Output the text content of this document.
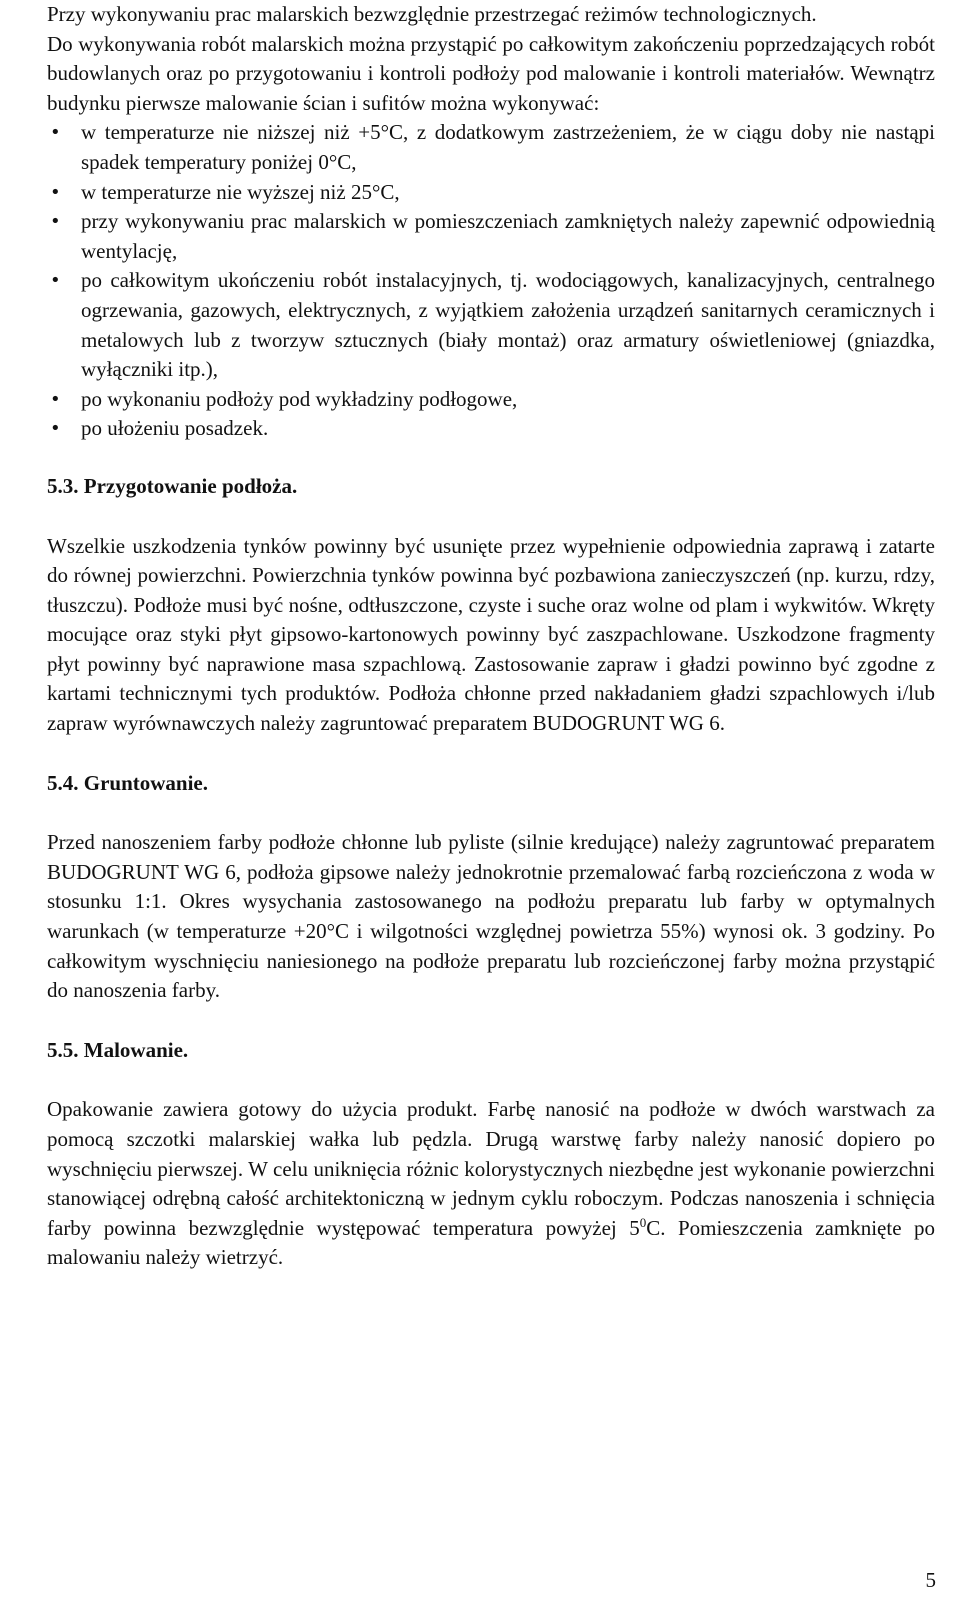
Przy wykonywaniu prac malarskich bezwzględnie przestrzegać reżimów technologicznych.

Do wykonywania robót malarskich można przystąpić po całkowitym zakończeniu poprzedzających robót budowlanych oraz po przygotowaniu i kontroli podłoży pod malowanie i kontroli materiałów. Wewnątrz budynku pierwsze malowanie ścian i sufitów można wykonywać:

• w temperaturze nie niższej niż +5°C, z dodatkowym zastrzeżeniem, że w ciągu doby nie nastąpi spadek temperatury poniżej 0°C,
• w temperaturze nie wyższej niż 25°C,
• przy wykonywaniu prac malarskich w pomieszczeniach zamkniętych należy zapewnić odpowiednią wentylację,
• po całkowitym ukończeniu robót instalacyjnych, tj. wodociągowych, kanalizacyjnych, centralnego ogrzewania, gazowych, elektrycznych, z wyjątkiem założenia urządzeń sanitarnych ceramicznych i metalowych lub z tworzyw sztucznych (biały montaż) oraz armatury oświetleniowej (gniazdka, wyłączniki itp.),
• po wykonaniu podłoży pod wykładziny podłogowe,
• po ułożeniu posadzek.
5.3. Przygotowanie podłoża.

Wszelkie uszkodzenia tynków powinny być usunięte przez wypełnienie odpowiednia zaprawą i zatarte do równej powierzchni. Powierzchnia tynków powinna być pozbawiona zanieczyszczeń (np. kurzu, rdzy, tłuszczu). Podłoże musi być nośne, odtłuszczone, czyste i suche oraz wolne od plam i wykwitów. Wkręty mocujące oraz styki płyt gipsowo-kartonowych powinny być zaszpachlowane. Uszkodzone fragmenty płyt powinny być naprawione masa szpachlową. Zastosowanie zapraw i gładzi powinno być zgodne z kartami technicznymi tych produktów. Podłoża chłonne przed nakładaniem gładzi szpachlowych i/lub zapraw wyrównawczych należy zagruntować preparatem BUDOGRUNT WG 6.

5.4. Gruntowanie.

Przed nanoszeniem farby podłoże chłonne lub pyliste (silnie kredujące) należy zagruntować preparatem BUDOGRUNT WG 6, podłoża gipsowe należy jednokrotnie przemalować farbą rozcieńczona z woda w stosunku 1:1. Okres wysychania zastosowanego na podłożu preparatu lub farby w optymalnych warunkach (w temperaturze +20°C i wilgotności względnej powietrza 55%) wynosi ok. 3 godziny. Po całkowitym wyschnięciu naniesionego na podłoże preparatu lub rozcieńczonej farby można przystąpić do nanoszenia farby.

5.5. Malowanie.

Opakowanie zawiera gotowy do użycia produkt. Farbę nanosić na podłoże w dwóch warstwach za pomocą szczotki malarskiej wałka lub pędzla. Drugą warstwę farby należy nanosić dopiero po wyschnięciu pierwszej. W celu uniknięcia różnic kolorystycznych niezbędne jest wykonanie powierzchni stanowiącej odrębną całość architektoniczną w jednym cyklu roboczym. Podczas nanoszenia i schnięcia farby powinna bezwzględnie występować temperatura powyżej $5^0C$. Pomieszczenia zamknięte po malowaniu należy wietrzyć.

5
